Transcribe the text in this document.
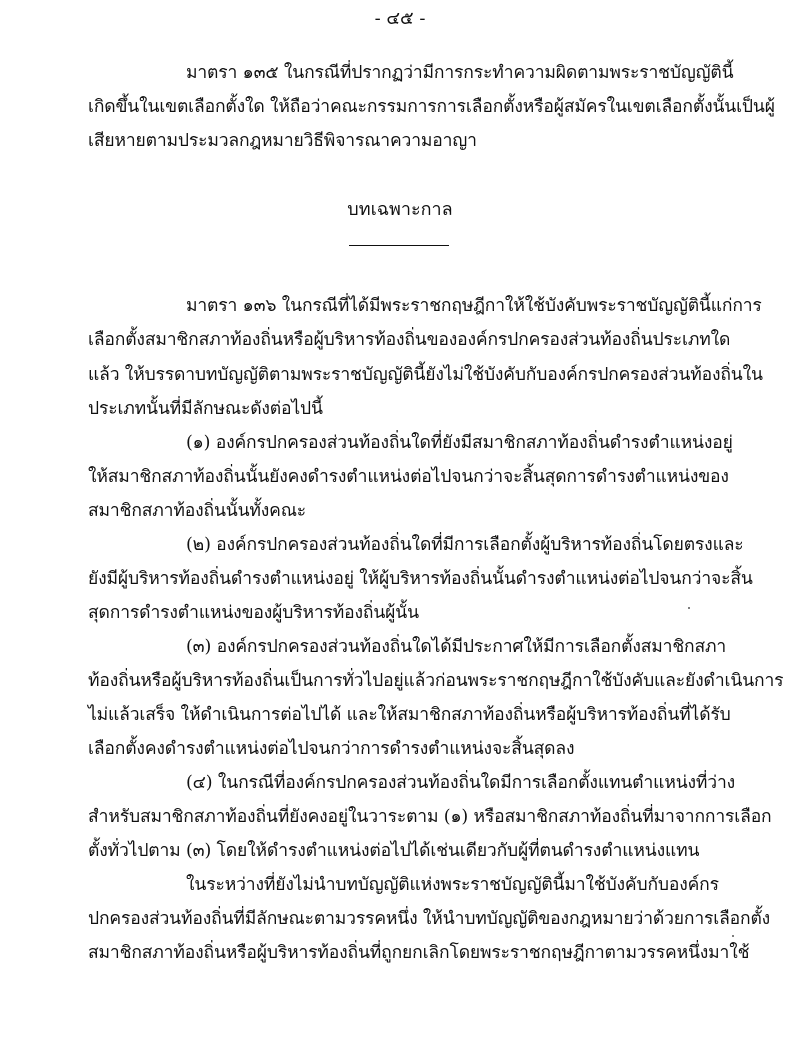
- ๔๕ -
มาตรา ๑๓๕ ในกรณีที่ปรากฏว่ามีการกระทำความผิดตามพระราชบัญญัตินี้
เกิดขึ้นในเขตเลือกตั้งใด ให้ถือว่าคณะกรรมการการเลือกตั้งหรือผู้สมัครในเขตเลือกตั้งนั้นเป็นผู้
เสียหายตามประมวลกฎหมายวิธีพิจารณาความอาญา
บทเฉพาะกาล
มาตรา ๑๓๖ ในกรณีที่ได้มีพระราชกฤษฎีกาให้ใช้บังคับพระราชบัญญัตินี้แก่การ
เลือกตั้งสมาชิกสภาท้องถิ่นหรือผู้บริหารท้องถิ่นขององค์กรปกครองส่วนท้องถิ่นประเภทใด
แล้ว ให้บรรดาบทบัญญัติตามพระราชบัญญัตินี้ยังไม่ใช้บังคับกับองค์กรปกครองส่วนท้องถิ่นใน
ประเภทนั้นที่มีลักษณะดังต่อไปนี้
(๑) องค์กรปกครองส่วนท้องถิ่นใดที่ยังมีสมาชิกสภาท้องถิ่นดำรงตำแหน่งอยู่
ให้สมาชิกสภาท้องถิ่นนั้นยังคงดำรงตำแหน่งต่อไปจนกว่าจะสิ้นสุดการดำรงตำแหน่งของ
สมาชิกสภาท้องถิ่นนั้นทั้งคณะ
(๒) องค์กรปกครองส่วนท้องถิ่นใดที่มีการเลือกตั้งผู้บริหารท้องถิ่นโดยตรงและ
ยังมีผู้บริหารท้องถิ่นดำรงตำแหน่งอยู่ ให้ผู้บริหารท้องถิ่นนั้นดำรงตำแหน่งต่อไปจนกว่าจะสิ้น
สุดการดำรงตำแหน่งของผู้บริหารท้องถิ่นผู้นั้น
(๓) องค์กรปกครองส่วนท้องถิ่นใดได้มีประกาศให้มีการเลือกตั้งสมาชิกสภา
ท้องถิ่นหรือผู้บริหารท้องถิ่นเป็นการทั่วไปอยู่แล้วก่อนพระราชกฤษฎีกาใช้บังคับและยังดำเนินการ
ไม่แล้วเสร็จ ให้ดำเนินการต่อไปได้ และให้สมาชิกสภาท้องถิ่นหรือผู้บริหารท้องถิ่นที่ได้รับ
เลือกตั้งคงดำรงตำแหน่งต่อไปจนกว่าการดำรงตำแหน่งจะสิ้นสุดลง
(๔) ในกรณีที่องค์กรปกครองส่วนท้องถิ่นใดมีการเลือกตั้งแทนตำแหน่งที่ว่าง
สำหรับสมาชิกสภาท้องถิ่นที่ยังคงอยู่ในวาระตาม (๑) หรือสมาชิกสภาท้องถิ่นที่มาจากการเลือก
ตั้งทั่วไปตาม (๓) โดยให้ดำรงตำแหน่งต่อไปได้เช่นเดียวกับผู้ที่ตนดำรงตำแหน่งแทน
ในระหว่างที่ยังไม่นำบทบัญญัติแห่งพระราชบัญญัตินี้มาใช้บังคับกับองค์กร
ปกครองส่วนท้องถิ่นที่มีลักษณะตามวรรคหนึ่ง ให้นำบทบัญญัติของกฎหมายว่าด้วยการเลือกตั้ง
สมาชิกสภาท้องถิ่นหรือผู้บริหารท้องถิ่นที่ถูกยกเลิกโดยพระราชกฤษฎีกาตามวรรคหนึ่งมาใช้
